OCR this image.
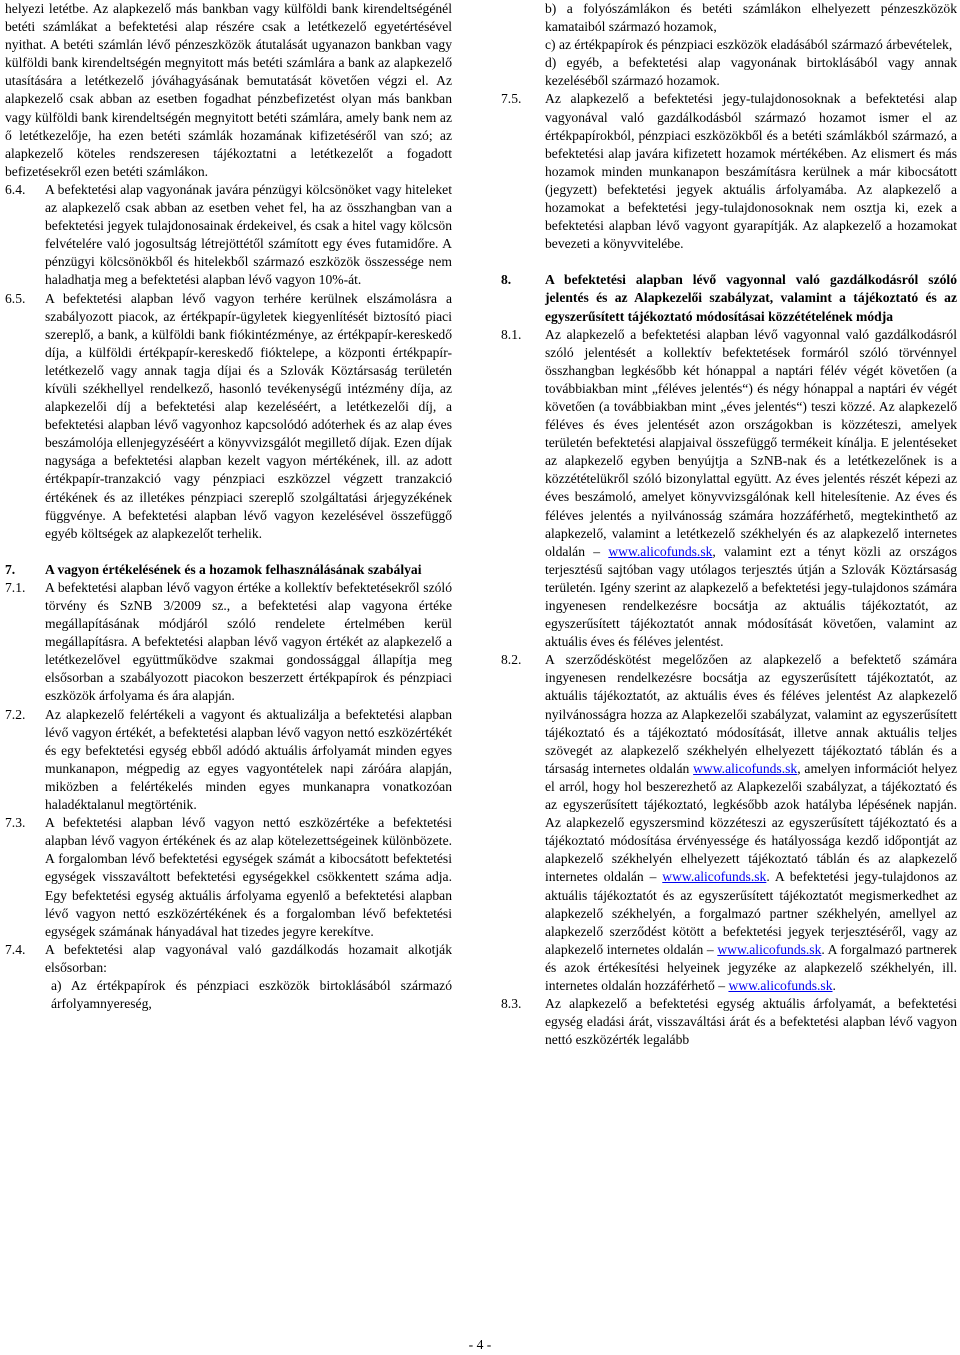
helyezi letétbe. Az alapkezelő más bankban vagy külföldi bank kirendeltségénél betéti számlákat a befektetési alap részére csak a letétkezelő egyetértésével nyithat. A betéti számlán lévő pénzeszközök átutalását ugyanazon bankban vagy külföldi bank kirendeltségén megnyitott más betéti számlára a bank az alapkezelő utasítására a letétkezelő jóváhagyásának bemutatását követően végzi el. Az alapkezelő csak abban az esetben fogadhat pénzbefizetést olyan más bankban vagy külföldi bank kirendeltségén megnyitott betéti számlára, amely bank nem az ő letétkezelője, ha ezen betéti számlák hozamának kifizetéséről van szó; az alapkezelő köteles rendszeresen tájékoztatni a letétkezelőt a fogadott befizetésekről ezen betéti számlákon.

6.4.	A befektetési alap vagyonának javára pénzügyi kölcsönöket vagy hiteleket az alapkezelő csak abban az esetben vehet fel, ha az összhangban van a befektetési jegyek tulajdonosainak érdekeivel, és csak a hitel vagy kölcsön felvételére való jogosultság létrejöttétől számított egy éves futamidőre. A pénzügyi kölcsönökből és hitelekből származó eszközök összessége nem haladhatja meg a befektetési alapban lévő vagyon 10%-át.
6.5.	A befektetési alapban lévő vagyon terhére kerülnek elszámolásra a szabályozott piacok, az értékpapír-ügyletek kiegyenlítését biztosító piaci szereplő, a bank, a külföldi bank fiókintézménye, az értékpapír-kereskedő díja, a külföldi értékpapír-kereskedő fióktelepe, a központi értékpapír-letétkezelő vagy annak tagja díjai és a Szlovák Köztársaság területén kívüli székhellyel rendelkező, hasonló tevékenységű intézmény díja, az alapkezelői díj a befektetési alap kezeléséért, a letétkezelői díj, a befektetési alapban lévő vagyonhoz kapcsolódó adóterhek és az alap éves beszámolója ellenjegyzéséért a könyvvizsgálót megillető díjak. Ezen díjak nagysága a befektetési alapban kezelt vagyon mértékének, ill. az adott értékpapír-tranzakció vagy pénzpiaci eszközzel végzett tranzakció értékének és az illetékes pénzpiaci szereplő szolgáltatási árjegyzékének függvénye. A befektetési alapban lévő vagyon kezelésével összefüggő egyéb költségek az alapkezelőt terhelik.
7.	A vagyon értékelésének és a hozamok felhasználásának szabályai
7.1.	A befektetési alapban lévő vagyon értéke a kollektív befektetésekről szóló törvény és SzNB 3/2009 sz., a befektetési alap vagyona értéke megállapításának módjáról szóló rendelete értelmében kerül megállapításra. A befektetési alapban lévő vagyon értékét az alapkezelő a letétkezelővel együttműködve szakmai gondossággal állapítja meg elsősorban a szabályozott piacokon beszerzett értékpapírok és pénzpiaci eszközök árfolyama és ára alapján.
7.2.	Az alapkezelő felértékeli a vagyont és aktualizálja a befektetési alapban lévő vagyon értékét, a befektetési alapban lévő vagyon nettó eszközértékét és egy befektetési egység ebből adódó aktuális árfolyamát minden egyes munkanapon, mégpedig az egyes vagyontételek napi záróára alapján, miközben a felértékelés minden egyes munkanapra vonatkozóan haladéktalanul megtörténik.
7.3.	A befektetési alapban lévő vagyon nettó eszközértéke a befektetési alapban lévő vagyon értékének és az alap kötelezettségeinek különbözete. A forgalomban lévő befektetési egységek számát a kibocsátott befektetési egységek visszaváltott befektetési egységekkel csökkentett száma adja. Egy befektetési egység aktuális árfolyama egyenlő a befektetési alapban lévő vagyon nettó eszközértékének és a forgalomban lévő befektetési egységek számának hányadával hat tizedes jegyre kerekítve.
7.4.	A befektetési alap vagyonával való gazdálkodás hozamait alkotják elsősorban:

a) Az értékpapírok és pénzpiaci eszközök birtoklásából származó árfolyamnyereség,

b) a folyószámlákon és betéti számlákon elhelyezett pénzeszközök kamataiból származó hozamok,

c) az értékpapírok és pénzpiaci eszközök eladásából származó árbevételek,

d) egyéb, a befektetési alap vagyonának birtoklásából vagy annak kezeléséből származó hozamok.

7.5.	Az alapkezelő a befektetési jegy-tulajdonosoknak a befektetési alap vagyonával való gazdálkodásból származó hozamot ismer el az értékpapírokból, pénzpiaci eszközökből és a betéti számlákból származó, a befektetési alap javára kifizetett hozamok mértékében. Az elismert és más hozamok minden munkanapon beszámításra kerülnek a már kibocsátott (jegyzett) befektetési jegyek aktuális árfolyamába. Az alapkezelő a hozamokat a befektetési jegy-tulajdonosoknak nem osztja ki, ezek a befektetési alapban lévő vagyont gyarapítják. Az alapkezelő a hozamokat bevezeti a könyvvitelébe.
8.	A befektetési alapban lévő vagyonnal való gazdálkodásról szóló jelentés és az Alapkezelői szabályzat, valamint a tájékoztató és az egyszerűsített tájékoztató módosításai közzétételének módja
8.1.	Az alapkezelő a befektetési alapban lévő vagyonnal való gazdálkodásról szóló jelentését a kollektív befektetések formáról szóló törvénnyel összhangban legkésőbb két hónappal a naptári félév végét követően (a továbbiakban mint „féléves jelentés“) és négy hónappal a naptári év végét követően (a továbbiakban mint „éves jelentés“) teszi közzé. Az alapkezelő féléves és éves jelentését azon országokban is közzéteszi, amelyek területén befektetési alapjaival összefüggő termékeit kínálja. E jelentéseket az alapkezelő egyben benyújtja a SzNB-nak és a letétkezelőnek is a közzétételükről szóló bizonylattal együtt. Az éves jelentés részét képezi az éves beszámoló, amelyet könyvvizsgálónak kell hitelesítenie. Az éves és féléves jelentés a nyilvánosság számára hozzáférhető, megtekinthető az alapkezelő, valamint a letétkezelő székhelyén és az alapkezelő internetes oldalán – www.alicofunds.sk, valamint ezt a tényt közli az országos terjesztésű sajtóban vagy utólagos terjesztés útján a Szlovák Köztársaság területén. Igény szerint az alapkezelő a befektetési jegy-tulajdonos számára ingyenesen rendelkezésre bocsátja az aktuális tájékoztatót, az egyszerűsített tájékoztatót annak módosítását követően, valamint az aktuális éves és féléves jelentést.
8.2.	A szerződéskötést megelőzően az alapkezelő a befektető számára ingyenesen rendelkezésre bocsátja az egyszerűsített tájékoztatót, az aktuális tájékoztatót, az aktuális éves és féléves jelentést Az alapkezelő nyilvánosságra hozza az Alapkezelői szabályzat, valamint az egyszerűsített tájékoztató és a tájékoztató módosítását, illetve annak aktuális teljes szövegét az alapkezelő székhelyén elhelyezett tájékoztató táblán és a társaság internetes oldalán www.alicofunds.sk, amelyen információt helyez el arról, hogy hol beszerezhető az Alapkezelői szabályzat, a tájékoztató és az egyszerűsített tájékoztató, legkésőbb azok hatályba lépésének napján. Az alapkezelő egyszersmind közzéteszi az egyszerűsített tájékoztató és a tájékoztató módosítása érvényessége és hatályossága kezdő időpontját az alapkezelő székhelyén elhelyezett tájékoztató táblán és az alapkezelő internetes oldalán – www.alicofunds.sk. A befektetési jegy-tulajdonos az aktuális tájékoztatót és az egyszerűsített tájékoztatót megismerkedhet az alapkezelő székhelyén, a forgalmazó partner székhelyén, amellyel az alapkezelő szerződést kötött a befektetési jegyek terjesztéséről, vagy az alapkezelő internetes oldalán – www.alicofunds.sk. A forgalmazó partnerek és azok értékesítési helyeinek jegyzéke az alapkezelő székhelyén, ill. internetes oldalán hozzáférhető – www.alicofunds.sk.
8.3.	Az alapkezelő a befektetési egység aktuális árfolyamát, a befektetési egység eladási árát, visszaváltási árát és a befektetési alapban lévő vagyon nettó eszközérték legalább
- 4 -
